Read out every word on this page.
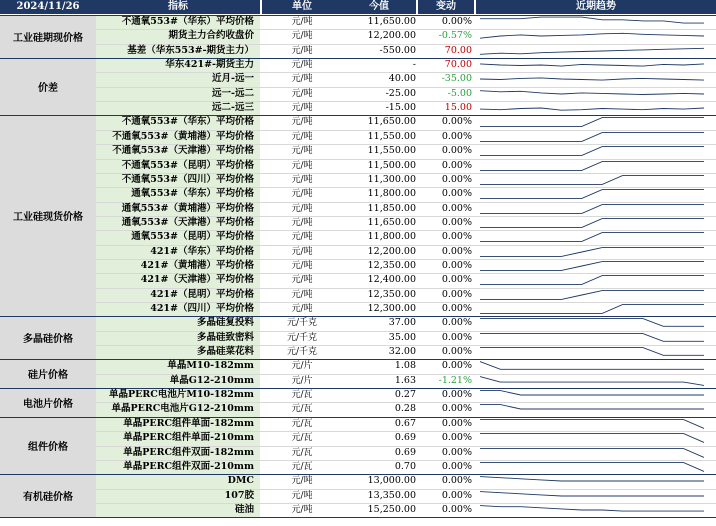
2024/11/26	指标	单位	今值	变动	近期趋势
工业硅期现价格
不通氧553#（华东）平均价格	元/吨	11,650.00	0.00%
期货主力合约收盘价	元/吨	12,200.00	-0.57%
基差（华东553#-期货主力）	元/吨	-550.00	70.00
价差
华东421#-期货主力	元/吨	-	70.00
近月-远一	元/吨	40.00	-35.00
远一-远二	元/吨	-25.00	-5.00
远二-远三	元/吨	-15.00	15.00
工业硅现货价格
不通氧553#（华东）平均价格	元/吨	11,650.00	0.00%
不通氧553#（黄埔港）平均价格	元/吨	11,550.00	0.00%
不通氧553#（天津港）平均价格	元/吨	11,550.00	0.00%
不通氧553#（昆明）平均价格	元/吨	11,500.00	0.00%
不通氧553#（四川）平均价格	元/吨	11,300.00	0.00%
通氧553#（华东）平均价格	元/吨	11,800.00	0.00%
通氧553#（黄埔港）平均价格	元/吨	11,850.00	0.00%
通氧553#（天津港）平均价格	元/吨	11,650.00	0.00%
通氧553#（昆明）平均价格	元/吨	11,800.00	0.00%
421#（华东）平均价格	元/吨	12,200.00	0.00%
421#（黄埔港）平均价格	元/吨	12,350.00	0.00%
421#（天津港）平均价格	元/吨	12,400.00	0.00%
421#（昆明）平均价格	元/吨	12,350.00	0.00%
421#（四川）平均价格	元/吨	12,300.00	0.00%
多晶硅价格
多晶硅复投料	元/千克	37.00	0.00%
多晶硅致密料	元/千克	35.00	0.00%
多晶硅菜花料	元/千克	32.00	0.00%
硅片价格
单晶M10-182mm	元/片	1.08	0.00%
单晶G12-210mm	元/片	1.63	-1.21%
电池片价格
单晶PERC电池片M10-182mm	元/瓦	0.27	0.00%
单晶PERC电池片G12-210mm	元/瓦	0.28	0.00%
组件价格
单晶PERC组件单面-182mm	元/瓦	0.67	0.00%
单晶PERC组件单面-210mm	元/瓦	0.69	0.00%
单晶PERC组件双面-182mm	元/瓦	0.69	0.00%
单晶PERC组件双面-210mm	元/瓦	0.70	0.00%
有机硅价格
DMC	元/吨	13,000.00	0.00%
107胶	元/吨	13,350.00	0.00%
硅油	元/吨	15,250.00	0.00%
